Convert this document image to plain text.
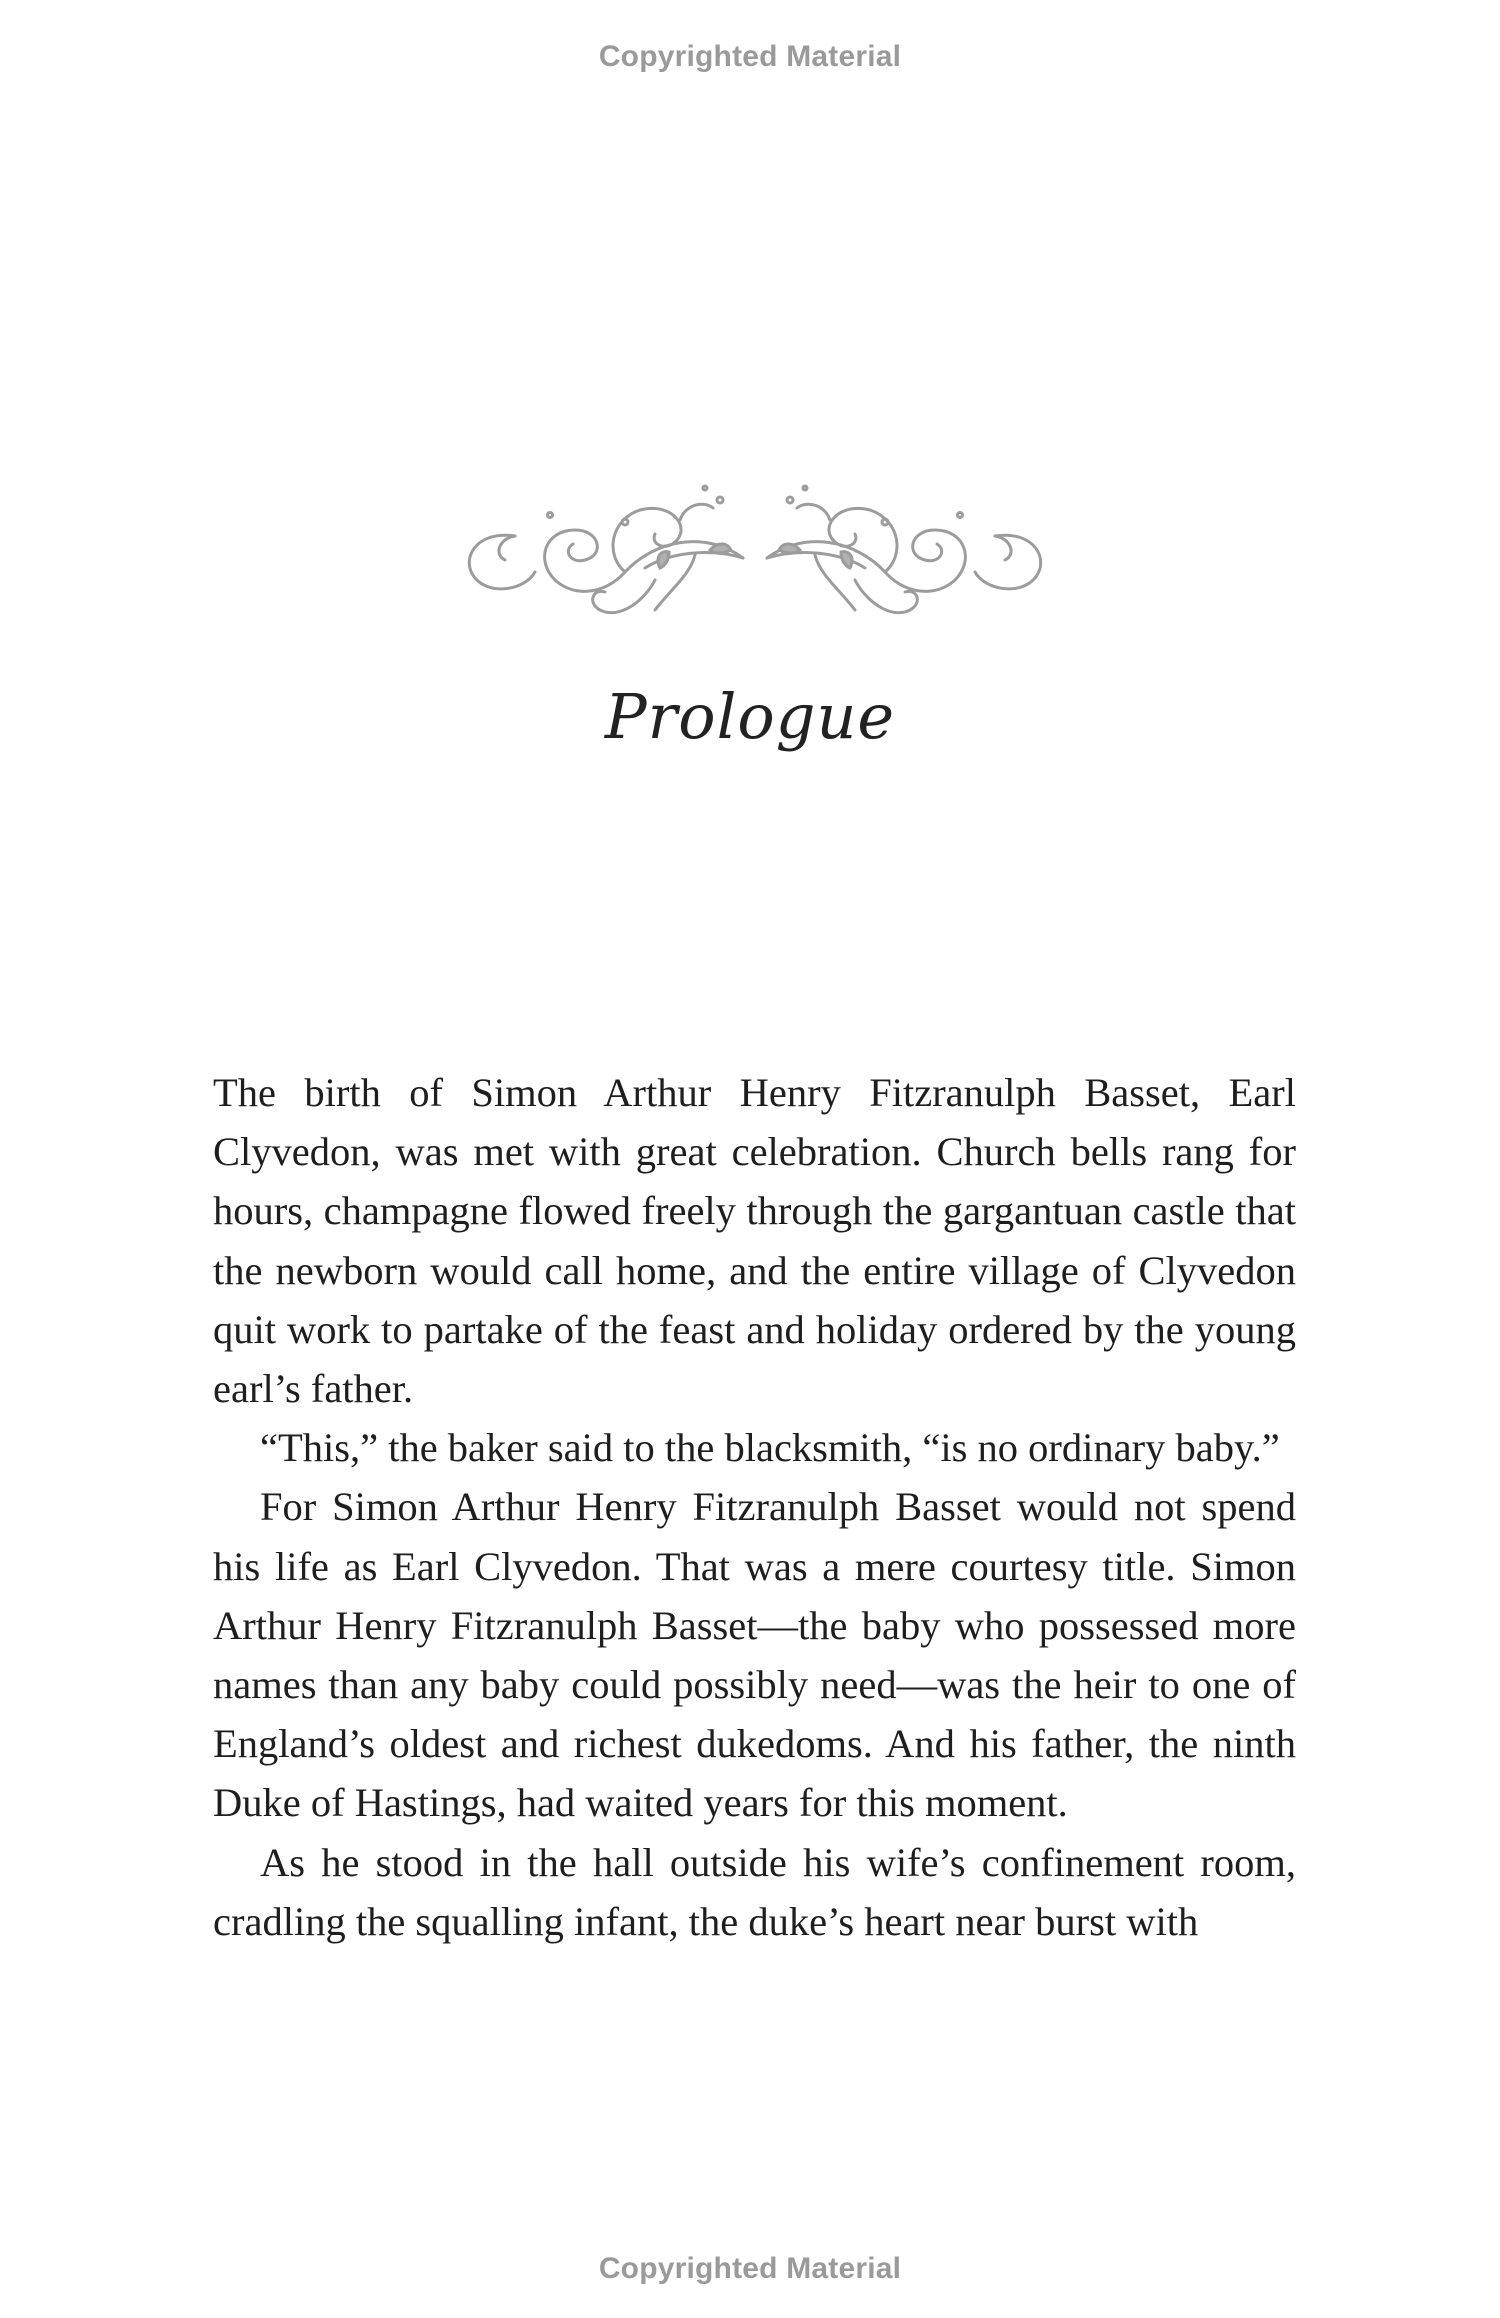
Copyrighted Material
Prologue

The birth of Simon Arthur Henry Fitzranulph Basset, Earl Clyvedon, was met with great celebration. Church bells rang for hours, champagne flowed freely through the gargantuan castle that the newborn would call home, and the entire village of Clyvedon quit work to partake of the feast and holiday ordered by the young earl’s father.

“This,” the baker said to the blacksmith, “is no ordinary baby.”

For Simon Arthur Henry Fitzranulph Basset would not spend his life as Earl Clyvedon. That was a mere courtesy title. Simon Arthur Henry Fitzranulph Basset—the baby who possessed more names than any baby could possibly need—was the heir to one of England’s oldest and richest dukedoms. And his father, the ninth Duke of Hastings, had waited years for this moment.

As he stood in the hall outside his wife’s confinement room, cradling the squalling infant, the duke’s heart near burst with

Copyrighted Material
